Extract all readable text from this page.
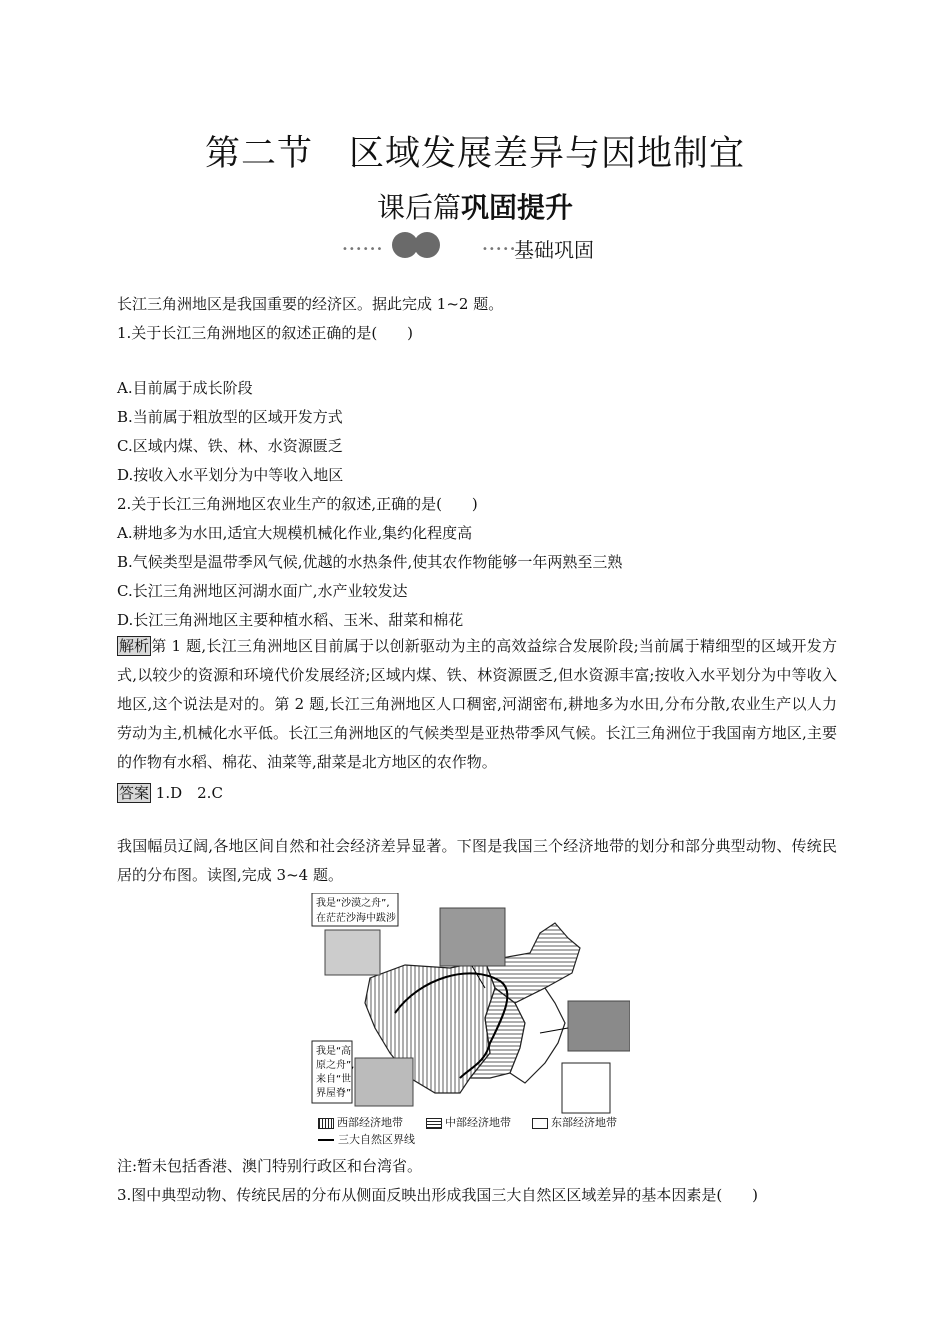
第二节 区域发展差异与因地制宜
课后篇巩固提升
••••••	•••••
基础巩固
长江三角洲地区是我国重要的经济区。据此完成 1~2 题。
1.关于长江三角洲地区的叙述正确的是(　　)
A.目前属于成长阶段
B.当前属于粗放型的区域开发方式
C.区域内煤、铁、林、水资源匮乏
D.按收入水平划分为中等收入地区
2.关于长江三角洲地区农业生产的叙述,正确的是(　　)
A.耕地多为水田,适宜大规模机械化作业,集约化程度高
B.气候类型是温带季风气候,优越的水热条件,使其农作物能够一年两熟至三熟
C.长江三角洲地区河湖水面广,水产业较发达
D.长江三角洲地区主要种植水稻、玉米、甜菜和棉花
解析 第 1 题,长江三角洲地区目前属于以创新驱动为主的高效益综合发展阶段;当前属于精细型的区域开发方式,以较少的资源和环境代价发展经济;区域内煤、铁、林资源匮乏,但水资源丰富;按收入水平划分为中等收入地区,这个说法是对的。第 2 题,长江三角洲地区人口稠密,河湖密布,耕地多为水田,分布分散,农业生产以人力劳动为主,机械化水平低。长江三角洲地区的气候类型是亚热带季风气候。长江三角洲位于我国南方地区,主要的作物有水稻、棉花、油菜等,甜菜是北方地区的农作物。
答案 1.D　2.C
我国幅员辽阔,各地区间自然和社会经济差异显著。下图是我国三个经济地带的划分和部分典型动物、传统民居的分布图。读图,完成 3~4 题。
我是“沙漠之舟”,
在茫茫沙海中跋涉
我是“高
原之舟”,
来自“世
界屋脊”
西部经济地带	中部经济地带	东部经济地带
三大自然区界线
注:暂未包括香港、澳门特别行政区和台湾省。
3.图中典型动物、传统民居的分布从侧面反映出形成我国三大自然区区域差异的基本因素是(　　)
